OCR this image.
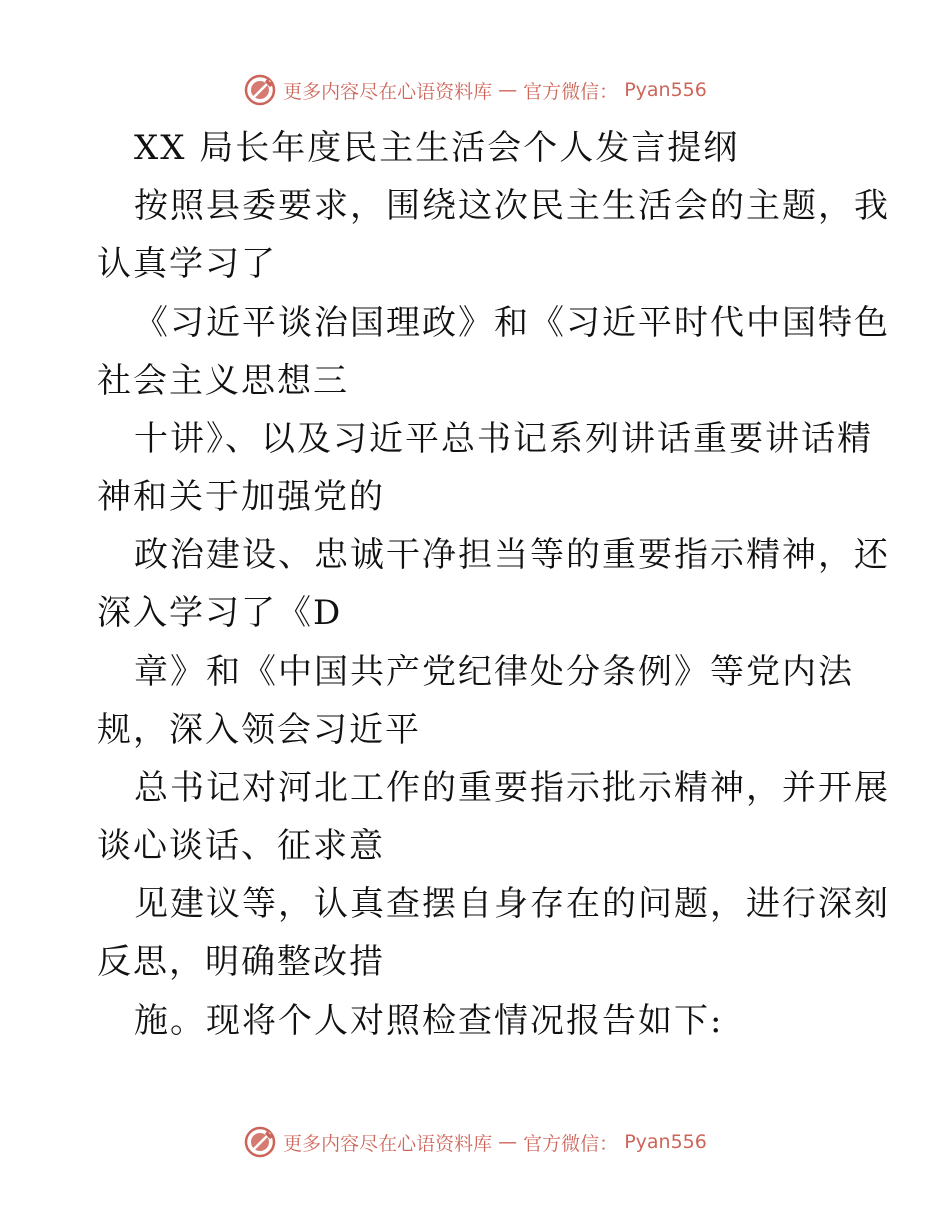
更多内容尽在心语资料库 — 官方微信： Pyan556
XX 局长年度民主生活会个人发言提纲
按照县委要求，围绕这次民主生活会的主题，我
认真学习了
《习近平谈治国理政》和《习近平时代中国特色
社会主义思想三
十讲》、以及习近平总书记系列讲话重要讲话精
神和关于加强党的
政治建设、忠诚干净担当等的重要指示精神，还
深入学习了《D
章》和《中国共产党纪律处分条例》等党内法
规，深入领会习近平
总书记对河北工作的重要指示批示精神，并开展
谈心谈话、征求意
见建议等，认真查摆自身存在的问题，进行深刻
反思，明确整改措
施。现将个人对照检查情况报告如下:
更多内容尽在心语资料库 — 官方微信： Pyan556
